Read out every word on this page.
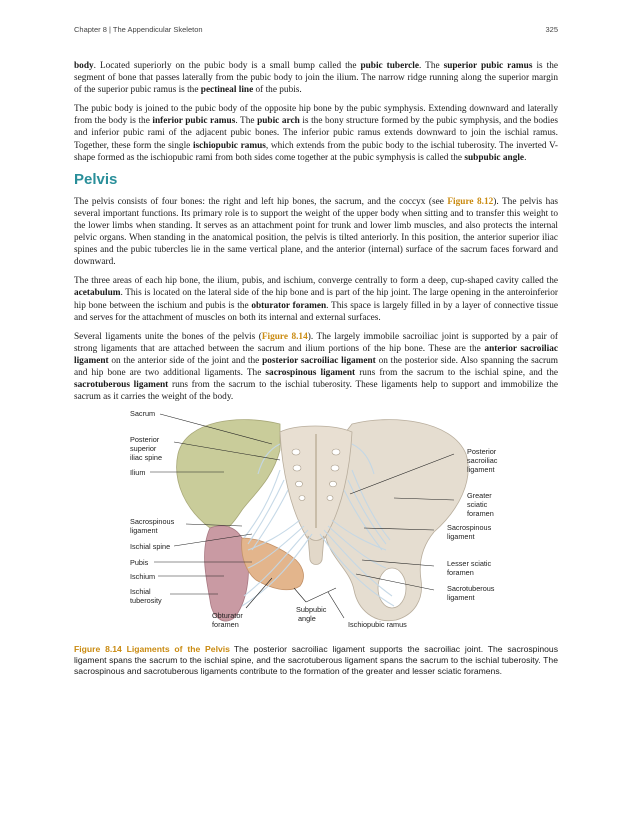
Chapter 8 | The Appendicular Skeleton	325

body. Located superiorly on the pubic body is a small bump called the pubic tubercle. The superior pubic ramus is the segment of bone that passes laterally from the pubic body to join the ilium. The narrow ridge running along the superior margin of the superior pubic ramus is the pectineal line of the pubis.

The pubic body is joined to the pubic body of the opposite hip bone by the pubic symphysis. Extending downward and laterally from the body is the inferior pubic ramus. The pubic arch is the bony structure formed by the pubic symphysis, and the bodies and inferior pubic rami of the adjacent pubic bones. The inferior pubic ramus extends downward to join the ischial ramus. Together, these form the single ischiopubic ramus, which extends from the pubic body to the ischial tuberosity. The inverted V-shape formed as the ischiopubic rami from both sides come together at the pubic symphysis is called the subpubic angle.

Pelvis

The pelvis consists of four bones: the right and left hip bones, the sacrum, and the coccyx (see Figure 8.12). The pelvis has several important functions. Its primary role is to support the weight of the upper body when sitting and to transfer this weight to the lower limbs when standing. It serves as an attachment point for trunk and lower limb muscles, and also protects the internal pelvic organs. When standing in the anatomical position, the pelvis is tilted anteriorly. In this position, the anterior superior iliac spines and the pubic tubercles lie in the same vertical plane, and the anterior (internal) surface of the sacrum faces forward and downward.

The three areas of each hip bone, the ilium, pubis, and ischium, converge centrally to form a deep, cup-shaped cavity called the acetabulum. This is located on the lateral side of the hip bone and is part of the hip joint. The large opening in the anteroinferior hip bone between the ischium and pubis is the obturator foramen. This space is largely filled in by a layer of connective tissue and serves for the attachment of muscles on both its internal and external surfaces.

Several ligaments unite the bones of the pelvis (Figure 8.14). The largely immobile sacroiliac joint is supported by a pair of strong ligaments that are attached between the sacrum and ilium portions of the hip bone. These are the anterior sacroiliac ligament on the anterior side of the joint and the posterior sacroiliac ligament on the posterior side. Also spanning the sacrum and hip bone are two additional ligaments. The sacrospinous ligament runs from the sacrum to the ischial spine, and the sacrotuberous ligament runs from the sacrum to the ischial tuberosity. These ligaments help to support and immobilize the sacrum as it carries the weight of the body.

Sacrum
Posterior
superior
iliac spine
Ilium
Sacrospinous
ligament
Ischial spine
Pubis
Ischium
Ischial
tuberosity
Obturator
foramen
Subpubic
angle
Ischiopubic ramus
Posterior
sacroiliac
ligament
Greater
sciatic
foramen
Sacrospinous
ligament
Lesser sciatic
foramen
Sacrotuberous
ligament
Figure 8.14 Ligaments of the Pelvis The posterior sacroiliac ligament supports the sacroiliac joint. The sacrospinous ligament spans the sacrum to the ischial spine, and the sacrotuberous ligament spans the sacrum to the ischial tuberosity. The sacrospinous and sacrotuberous ligaments contribute to the formation of the greater and lesser sciatic foramens.
